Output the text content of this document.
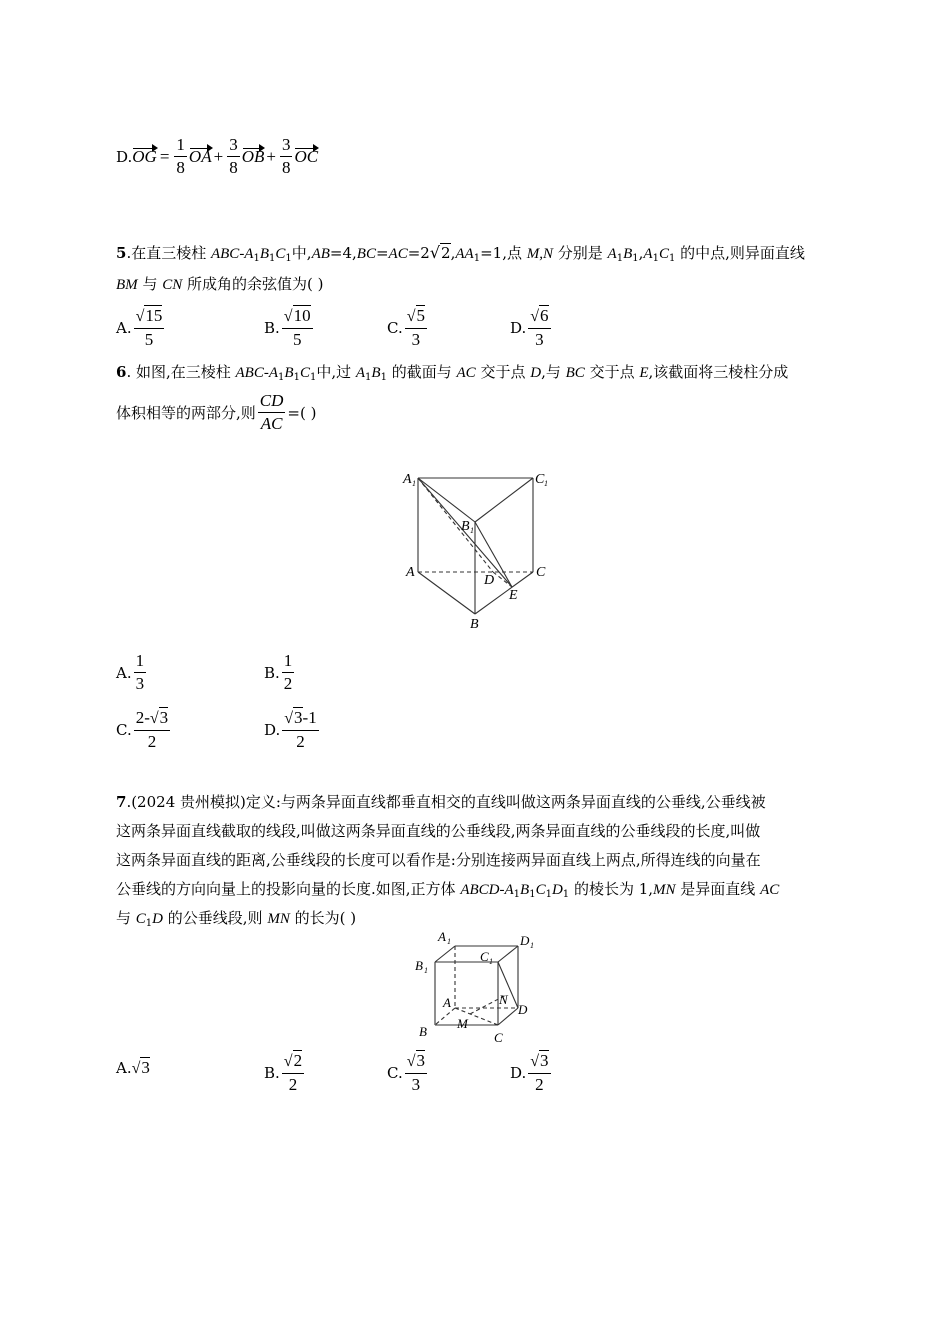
D. OG = $\frac{1}{8}$ OA + $\frac{3}{8}$ OB + $\frac{3}{8}$ OC
5.在直三棱柱 ABC-$A_1B_1C_1$中$,AB=4,BC=AC=2√2,AA_1=1$,点 M,N 分别是 $A_1B_1,A_1C_1$ 的中点,则异面直线
BM 与 CN 所成角的余弦值为( )
A. $\frac{√15}{5}$	B. $\frac{√10}{5}$	C. $\frac{√5}{3}$	D. $\frac{√6}{3}$
6. 如图,在三棱柱 ABC-$A_1B_1C_1$中,过 $A_1B_1$ 的截面与 AC 交于点 D,与 BC 交于点 E,该截面将三棱柱分成
体积相等的两部分,则 $\frac{CD}{AC}$ =( )
A 1	C 1
B 1
A	C
D
E
B
A. $\frac{1}{3}$	B. $\frac{1}{2}$
C. $\frac{2-√3}{2}$	D. $\frac{√3-1}{2}$
7.(2024 贵州模拟)定义:与两条异面直线都垂直相交的直线叫做这两条异面直线的公垂线,公垂线被
这两条异面直线截取的线段,叫做这两条异面直线的公垂线段,两条异面直线的公垂线段的长度,叫做
这两条异面直线的距离,公垂线段的长度可以看作是:分别连接两异面直线上两点,所得连线的向量在
公垂线的方向向量上的投影向量的长度.如图,正方体 ABCD-$A_1B_1C_1D_1$ 的棱长为 1,MN 是异面直线 AC
与 $C_1D$ 的公垂线段,则 MN 的长为( )
A 1	D 1
B 1
C 1
A	N
D
M
B	C
A. √3	B. $\frac{√2}{2}$	C. $\frac{√3}{3}$	D. $\frac{√3}{2}$
